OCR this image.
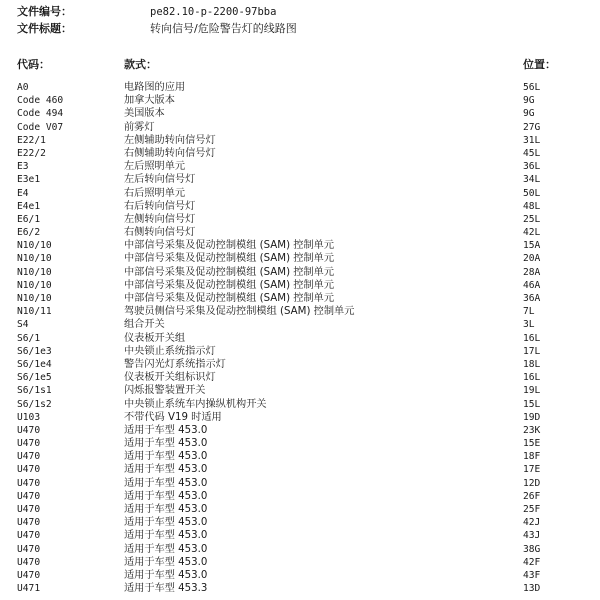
文件编号：	pe82.10-p-2200-97bba
文件标题：	转向信号/危险警告灯的线路图
代码：	款式：	位置：
A0	电路图的应用	56L
Code 460	加拿大版本	9G
Code 494	美国版本	9G
Code V07	前雾灯	27G
E22/1	左侧辅助转向信号灯	31L
E22/2	右侧辅助转向信号灯	45L
E3	左后照明单元	36L
E3e1	左后转向信号灯	34L
E4	右后照明单元	50L
E4e1	右后转向信号灯	48L
E6/1	左侧转向信号灯	25L
E6/2	右侧转向信号灯	42L
N10/10	中部信号采集及促动控制模组 (SAM) 控制单元	15A
N10/10	中部信号采集及促动控制模组 (SAM) 控制单元	20A
N10/10	中部信号采集及促动控制模组 (SAM) 控制单元	28A
N10/10	中部信号采集及促动控制模组 (SAM) 控制单元	46A
N10/10	中部信号采集及促动控制模组 (SAM) 控制单元	36A
N10/11	驾驶员侧信号采集及促动控制模组 (SAM) 控制单元	7L
S4	组合开关	3L
S6/1	仪表板开关组	16L
S6/1e3	中央锁止系统指示灯	17L
S6/1e4	警告闪光灯系统指示灯	18L
S6/1e5	仪表板开关组标识灯	16L
S6/1s1	闪烁报警装置开关	19L
S6/1s2	中央锁止系统车内操纵机构开关	15L
U103	不带代码 V19 时适用	19D
U470	适用于车型 453.0	23K
U470	适用于车型 453.0	15E
U470	适用于车型 453.0	18F
U470	适用于车型 453.0	17E
U470	适用于车型 453.0	12D
U470	适用于车型 453.0	26F
U470	适用于车型 453.0	25F
U470	适用于车型 453.0	42J
U470	适用于车型 453.0	43J
U470	适用于车型 453.0	38G
U470	适用于车型 453.0	42F
U470	适用于车型 453.0	43F
U471	适用于车型 453.3	13D
